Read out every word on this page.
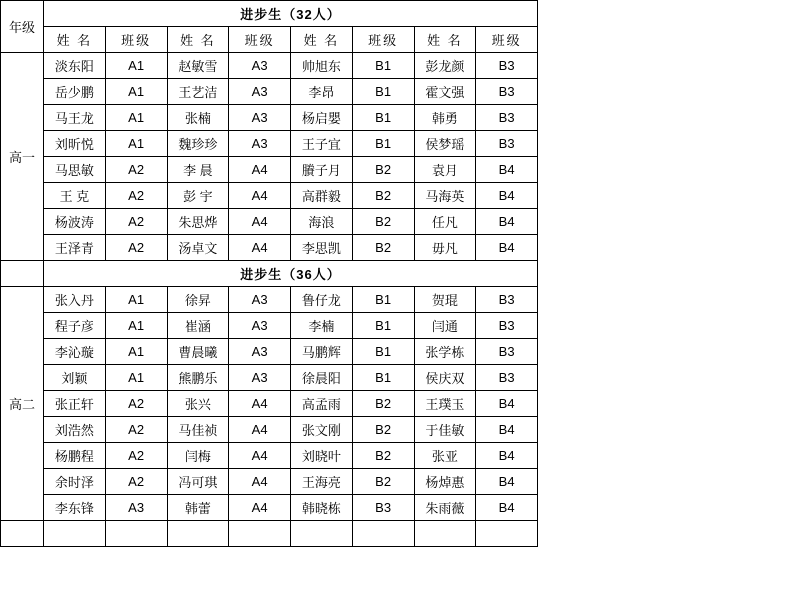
年级	进步生（32人）							
	姓 名	班级	姓 名	班级	姓 名	班级	姓 名	班级
高一	淡东阳	A1	赵敏雪	A3	帅旭东	B1	彭龙颜	B3
	岳少鹏	A1	王艺洁	A3	李昂	B1	霍文强	B3
	马王龙	A1	张楠	A3	杨启嬰	B1	韩勇	B3
	刘昕悦	A1	魏珍珍	A3	王子宜	B1	侯梦瑶	B3
	马思敏	A2	李 晨	A4	賸子月	B2	袁月	B4
	王 克	A2	彭 宇	A4	高群毅	B2	马海英	B4
	杨波涛	A2	朱思烨	A4	海浪	B2	任凡	B4
	王泽青	A2	汤卓文	A4	李思凯	B2	毋凡	B4
	进步生（36人）							
高二	张入丹	A1	徐昇	A3	鲁仔龙	B1	贺琨	B3
	程子彦	A1	崔涵	A3	李楠	B1	闫通	B3
	李沁璇	A1	曹晨曦	A3	马鹏辉	B1	张学栋	B3
	刘颖	A1	熊鹏乐	A3	徐晨阳	B1	侯庆双	B3
	张正轩	A2	张兴	A4	高孟雨	B2	王璞玉	B4
	刘浩然	A2	马佳祯	A4	张文刚	B2	于佳敏	B4
	杨鹏程	A2	闫梅	A4	刘晓叶	B2	张亚	B4
	余时泽	A2	冯可琪	A4	王海亮	B2	杨焯惠	B4
	李东锋	A3	韩蕾	A4	韩晓栋	B3	朱雨薇	B4
